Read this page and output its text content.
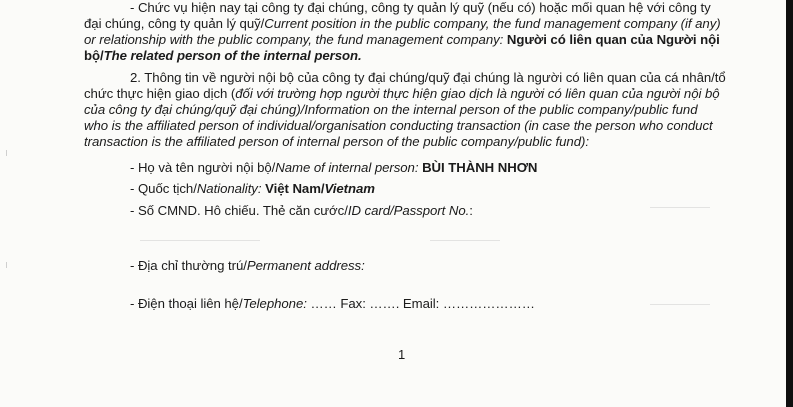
- Chức vụ hiện nay tại công ty đại chúng, công ty quản lý quỹ (nếu có) hoặc mối quan hệ với công ty
đại chúng, công ty quản lý quỹ/Current position in the public company, the fund management company (if any)
or relationship with the public company, the fund management company: Người có liên quan của Người nội
bộ/The related person of the internal person.
2. Thông tin về người nội bộ của công ty đại chúng/quỹ đại chúng là người có liên quan của cá nhân/tổ
chức thực hiện giao dịch (đối với trường hợp người thực hiện giao dịch là người có liên quan của người nội bộ
của công ty đại chúng/quỹ đại chúng)/Information on the internal person of the public company/public fund
who is the affiliated person of individual/organisation conducting transaction (in case the person who conduct
transaction is the affiliated person of internal person of the public company/public fund):
- Họ và tên người nội bộ/Name of internal person: BÙI THÀNH NHƠN
- Quốc tịch/Nationality: Việt Nam/Vietnam
- Số CMND. Hô chiếu. Thẻ căn cước/ID card/Passport No.:
- Địa chỉ thường trú/Permanent address:
- Điện thoại liên hệ/Telephone: …… Fax: ……. Email: …………………
1
